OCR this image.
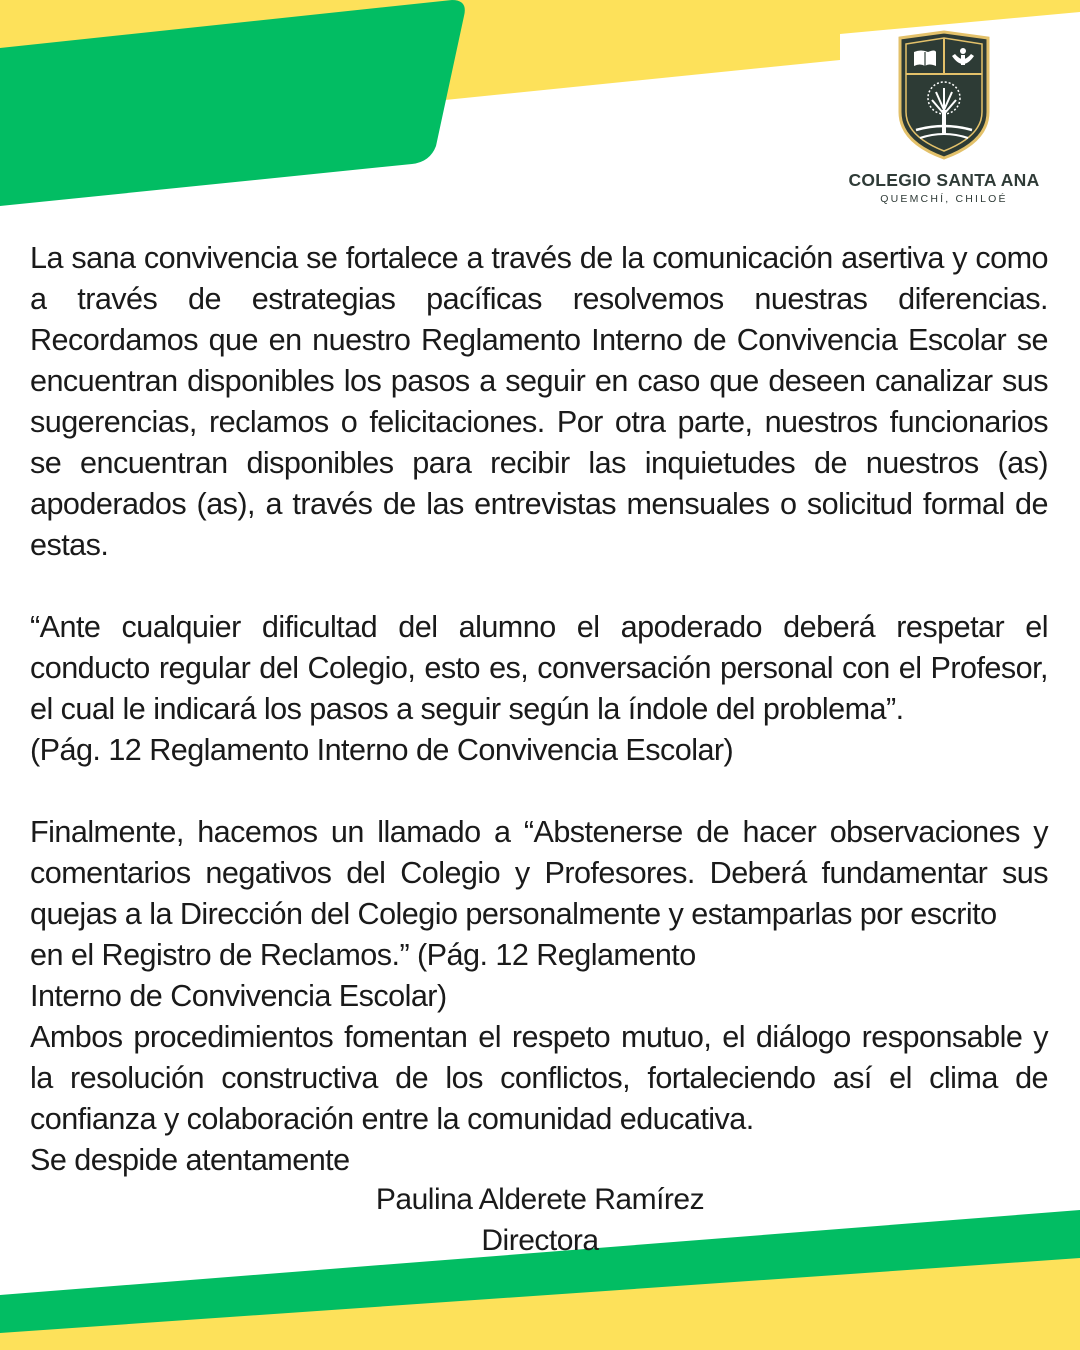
COLEGIO SANTA ANA
QUEMCHÍ, CHILOÉ

La sana convivencia se fortalece a través de la comunicación asertiva y como a través de estrategias pacíficas resolvemos nuestras diferencias. Recordamos que en nuestro Reglamento Interno de Convivencia Escolar se encuentran disponibles los pasos a seguir en caso que deseen canalizar sus sugerencias, reclamos o felicitaciones. Por otra parte, nuestros funcionarios se encuentran disponibles para recibir las inquietudes de nuestros (as) apoderados (as), a través de las entrevistas mensuales o solicitud formal de estas.

“Ante cualquier dificultad del alumno el apoderado deberá respetar el conducto regular del Colegio, esto es, conversación personal con el Profesor, el cual le indicará los pasos a seguir según la índole del problema”.

(Pág. 12 Reglamento Interno de Convivencia Escolar)

Finalmente, hacemos un llamado a “Abstenerse de hacer observaciones y comentarios negativos del Colegio y Profesores. Deberá fundamentar sus quejas a la Dirección del Colegio personalmente y estamparlas por escrito

en el Registro de Reclamos.” (Pág. 12 Reglamento

Interno de Convivencia Escolar)

Ambos procedimientos fomentan el respeto mutuo, el diálogo responsable y la resolución constructiva de los conflictos, fortaleciendo así el clima de confianza y colaboración entre la comunidad educativa.

Se despide atentamente

Paulina Alderete Ramírez
Directora
